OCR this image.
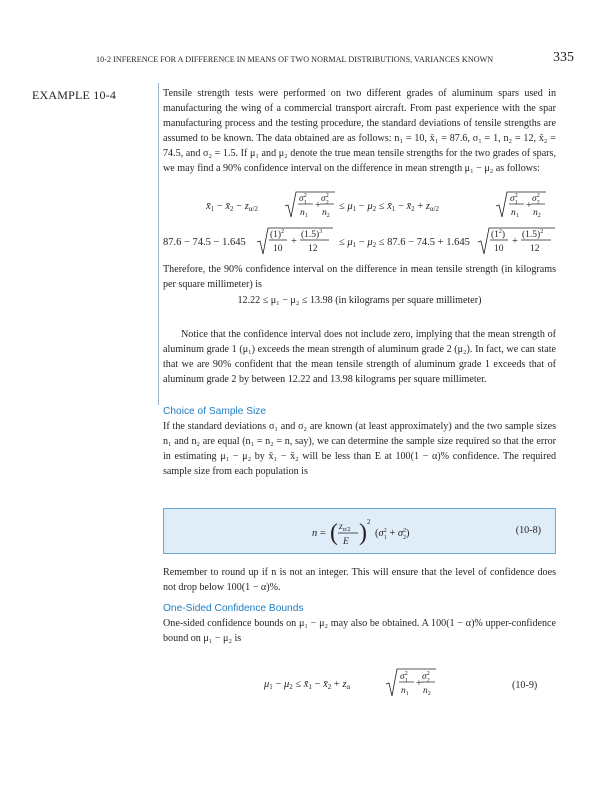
10-2 INFERENCE FOR A DIFFERENCE IN MEANS OF TWO NORMAL DISTRIBUTIONS, VARIANCES KNOWN	335
EXAMPLE 10-4	Tensile strength tests were performed on two different grades of aluminum spars used in manufacturing the wing of a commercial transport aircraft. From past experience with the spar manufacturing process and the testing procedure, the standard deviations of tensile strengths are assumed to be known. The data obtained are as follows: n₁ = 10, x̄₁ = 87.6, σ₁ = 1, n₂ = 12, x̄₂ = 74.5, and σ₂ = 1.5. If μ₁ and μ₂ denote the true mean tensile strengths for the two grades of spars, we may find a 90% confidence interval on the difference in mean strength μ₁ − μ₂ as follows:
x̄1 − x̄2 − zα/2
$\sigma^2$ 1
$n_1$
+
$\sigma^2$ 2
$n_2$
≤ μ1 − μ2 ≤ x̄1 − x̄2 + zα/2
$\sigma^2$ 1
$n_1$
+
$\sigma^2$ 2
$n_2$
87.6 − 74.5 − 1.645
$(1)^2$
10
+
$(1.5)^3$
12
≤ μ1 − μ2 ≤ 87.6 − 74.5 + 1.645
$(1^2)$
10
+
$(1.5)^2$
12
Therefore, the 90% confidence interval on the difference in mean tensile strength (in kilograms per square millimeter) is
12.22 ≤ μ₁ − μ₂ ≤ 13.98 (in kilograms per square millimeter)
Notice that the confidence interval does not include zero, implying that the mean strength of aluminum grade 1 (μ₁) exceeds the mean strength of aluminum grade 2 (μ₂). In fact, we can state that we are 90% confident that the mean tensile strength of aluminum grade 1 exceeds that of aluminum grade 2 by between 12.22 and 13.98 kilograms per square millimeter.
Choice of Sample Size
If the standard deviations σ₁ and σ₂ are known (at least approximately) and the two sample sizes n₁ and n₂ are equal (n₁ = n₂ = n, say), we can determine the sample size required so that the error in estimating μ₁ − μ₂ by x̄₁ − x̄₂ will be less than E at 100(1 − α)% confidence. The required sample size from each population is
n = ( $z_{\alpha/2}$
E ) 2
($\sigma^2$ $1 + \sigma^2$ 2)	(10-8)
Remember to round up if n is not an integer. This will ensure that the level of confidence does not drop below 100(1 − α)%.
One-Sided Confidence Bounds
One-sided confidence bounds on μ₁ − μ₂ may also be obtained. A 100(1 − α)% upper-confidence bound on μ₁ − μ₂ is
μ1 − μ2 ≤ x̄1 − x̄2 + zα
$\sigma^2$ 1
$n_1$
+
$\sigma^2$ 2
$n_2$
(10-9)
